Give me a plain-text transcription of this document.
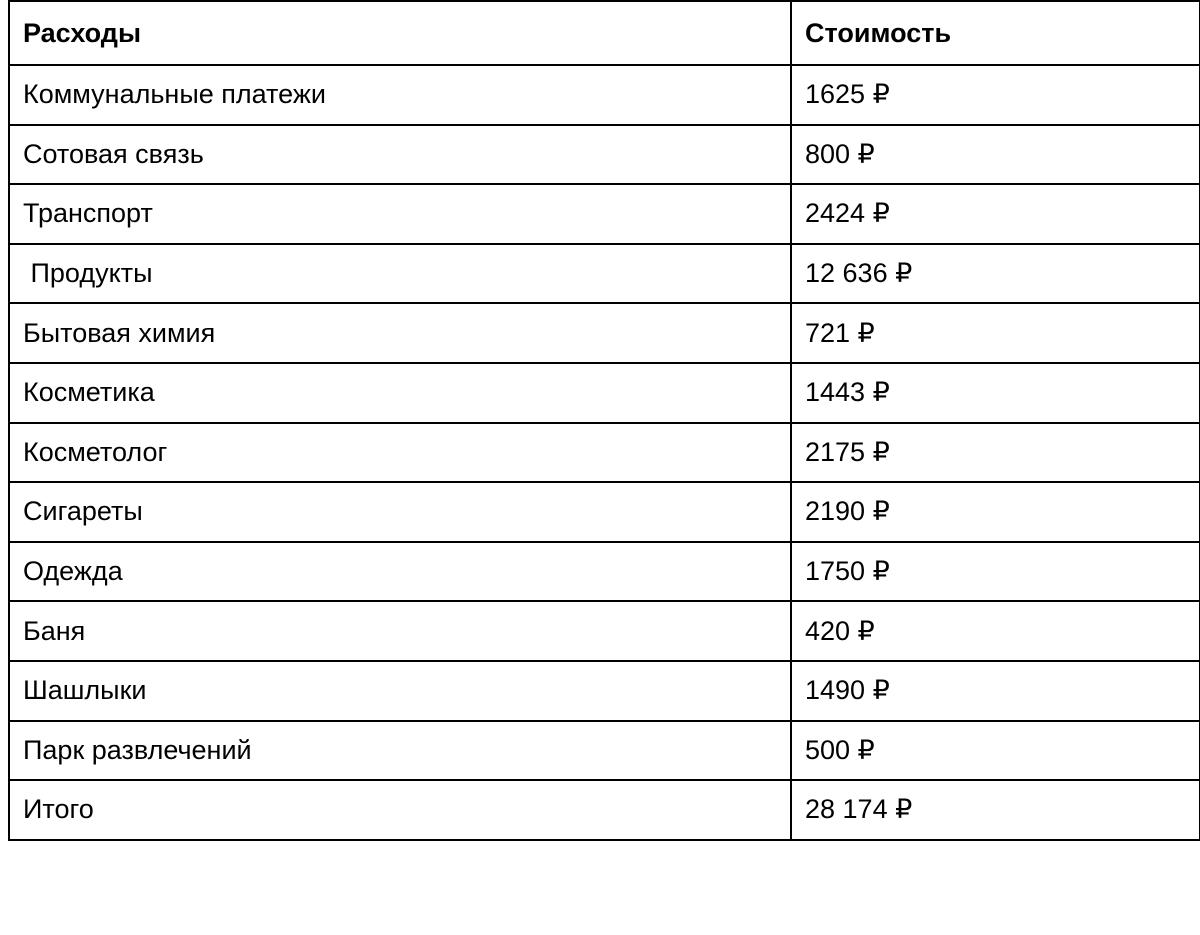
Расходы	Стоимость
Коммунальные платежи	1625 ₽
Сотовая связь	800 ₽
Транспорт	2424 ₽
Продукты	12 636 ₽
Бытовая химия	721 ₽
Косметика	1443 ₽
Косметолог	2175 ₽
Сигареты	2190 ₽
Одежда	1750 ₽
Баня	420 ₽
Шашлыки	1490 ₽
Парк развлечений	500 ₽
Итого	28 174 ₽
